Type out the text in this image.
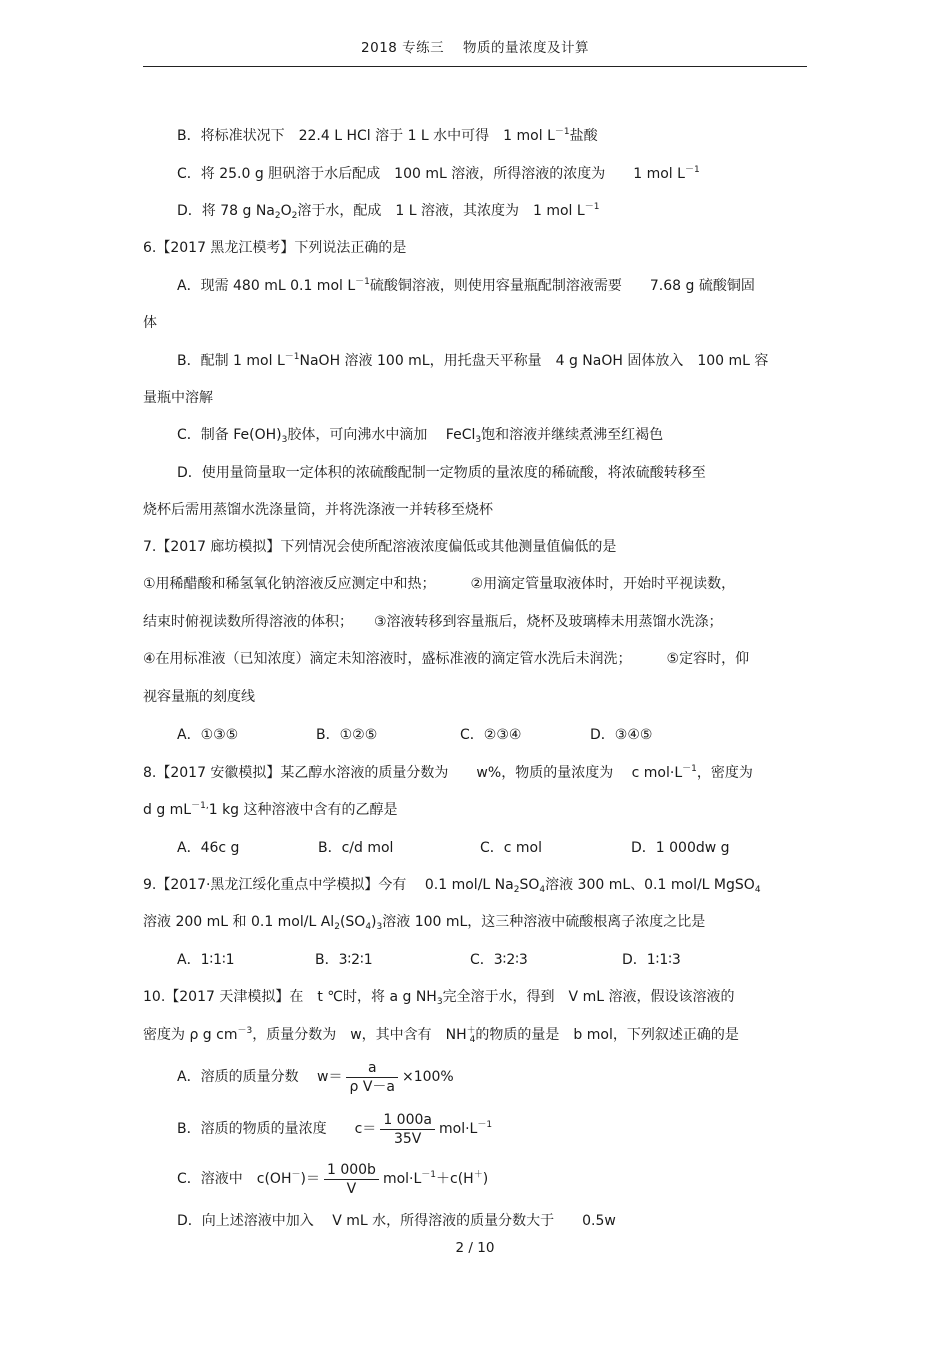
2018 专练三　 物质的量浓度及计算
B．将标准状况下　22.4 L HCl 溶于 1 L 水中可得　1 mol $L^{-1}$盐酸
C．将 25.0 g 胆矾溶于水后配成　100 mL 溶液，所得溶液的浓度为　　1 mol $L^{-1}$
D．将 78 g $Na_2O_2$溶于水，配成　1 L 溶液，其浓度为　1 mol $L^{-1}$
6.【2017 黑龙江模考】下列说法正确的是
A．现需 480 mL 0.1 mol $L^{-1}$硫酸铜溶液，则使用容量瓶配制溶液需要　　7.68 g 硫酸铜固
体
B．配制 1 mol $L^{-1}NaOH$ 溶液 100 mL，用托盘天平称量　4 g NaOH 固体放入　100 mL 容
量瓶中溶解
C．制备 $Fe(OH)_3$胶体，可向沸水中滴加　 FeCl$_3$饱和溶液并继续煮沸至红褐色
D．使用量筒量取一定体积的浓硫酸配制一定物质的量浓度的稀硫酸，将浓硫酸转移至
烧杯后需用蒸馏水洗涤量筒，并将洗涤液一并转移至烧杯
7.【2017 廊坊模拟】下列情况会使所配溶液浓度偏低或其他测量值偏低的是
①用稀醋酸和稀氢氧化钠溶液反应测定中和热；　　　②用滴定管量取液体时，开始时平视读数，
结束时俯视读数所得溶液的体积；　　③溶液转移到容量瓶后，烧杯及玻璃棒未用蒸馏水洗涤；
④在用标准液（已知浓度）滴定未知溶液时，盛标准液的滴定管水洗后未润洗；　　　⑤定容时，仰
视容量瓶的刻度线
A．①③⑤	B．①②⑤	C．②③④	D．③④⑤
8.【2017 安徽模拟】某乙醇水溶液的质量分数为　　w%，物质的量浓度为　 c $mol\cdot L^{-1}$，密度为
d g $mL^{-1,}1$ kg 这种溶液中含有的乙醇是
A．46c g	B．c/d mol	C．c mol	D．1 000dw g
9.【2017·黑龙江绥化重点中学模拟】今有　 0.1 mol/L $Na_2SO_4$溶液 300 mL、0.1 mol/L MgSO$_4$
溶液 200 mL 和 0.1 mol/L $Al_2(SO_4)_3$溶液 100 mL，这三种溶液中硫酸根离子浓度之比是
A．1∶1∶1	B．3∶2∶1	C．3∶2∶3	D．1∶1∶3
10.【2017 天津模拟】在　t ℃时，将 a g $NH_3$完全溶于水，得到　V mL 溶液，假设该溶液的
密度为 ρ g $cm^{-3}$，质量分数为　w，其中含有　$NH^+_4$的物质的量是　b mol，下列叙述正确的是
A．溶质的质量分数　 $w= \frac{a}{\text{ρ V－a}} \times 100\%$
B．溶质的物质的量浓度　　$c= \frac{1 000a}{35V} mol\cdot L^{-1}$
C．溶液中　$c(OH^-)= \frac{1 000b}{V} mol\cdot L^{-1}+c(H^+)$
D．向上述溶液中加入　 V mL 水，所得溶液的质量分数大于　　0.5w
2 / 10
